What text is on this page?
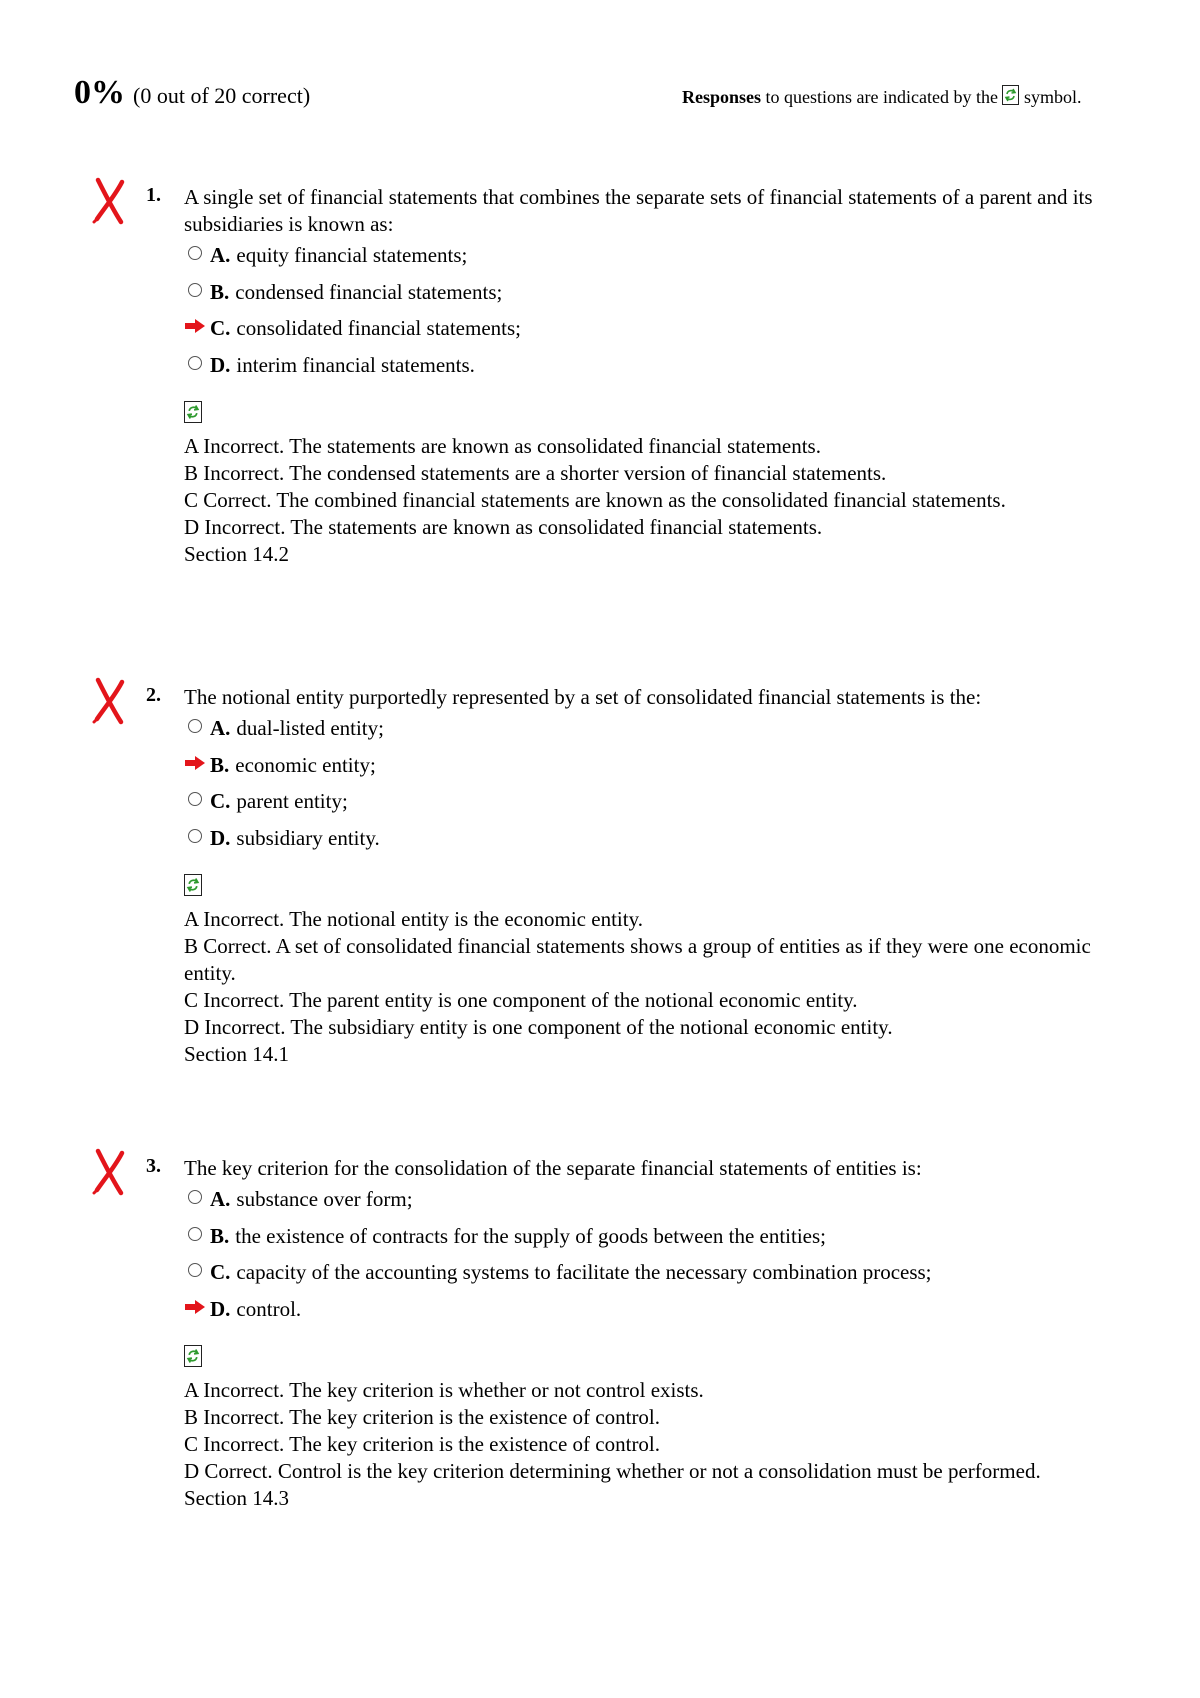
0% (0 out of 20 correct)	Responses to questions are indicated by the symbol.
1. A single set of financial statements that combines the separate sets of financial statements of a parent and its subsidiaries is known as:

A. equity financial statements;
B. condensed financial statements;
C. consolidated financial statements;
D. interim financial statements.

A Incorrect. The statements are known as consolidated financial statements.

B Incorrect. The condensed statements are a shorter version of financial statements.

C Correct. The combined financial statements are known as the consolidated financial statements.

D Incorrect. The statements are known as consolidated financial statements.

Section 14.2

2. The notional entity purportedly represented by a set of consolidated financial statements is the:

A. dual-listed entity;
B. economic entity;
C. parent entity;
D. subsidiary entity.

A Incorrect. The notional entity is the economic entity.

B Correct. A set of consolidated financial statements shows a group of entities as if they were one economic entity.

C Incorrect. The parent entity is one component of the notional economic entity.

D Incorrect. The subsidiary entity is one component of the notional economic entity.

Section 14.1

3. The key criterion for the consolidation of the separate financial statements of entities is:

A. substance over form;
B. the existence of contracts for the supply of goods between the entities;
C. capacity of the accounting systems to facilitate the necessary combination process;
D. control.

A Incorrect. The key criterion is whether or not control exists.

B Incorrect. The key criterion is the existence of control.

C Incorrect. The key criterion is the existence of control.

D Correct. Control is the key criterion determining whether or not a consolidation must be performed.

Section 14.3
